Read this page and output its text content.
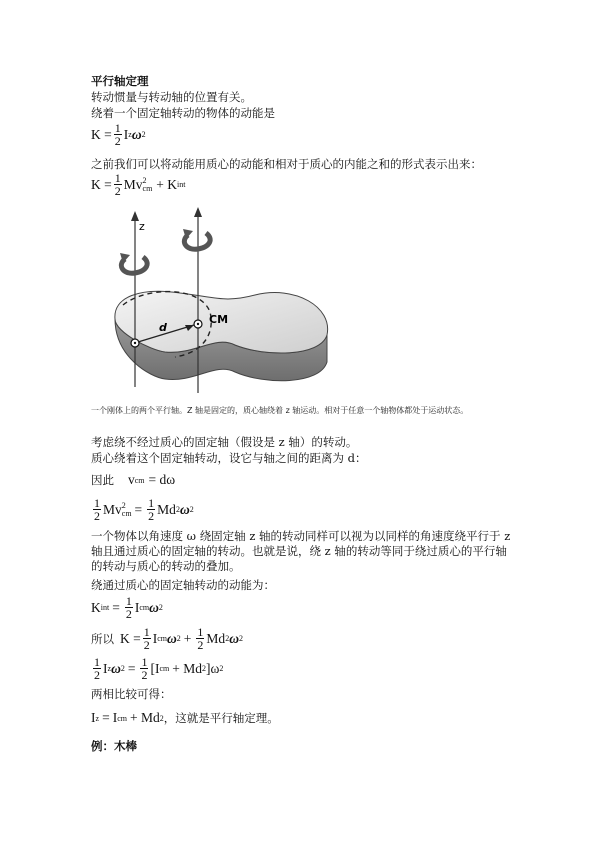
平行轴定理
转动惯量与转动轴的位置有关。
绕着一个固定轴转动的物体的动能是
$K = \frac{1}{2}$ I z ω 2
之前我们可以将动能用质心的动能和相对于质心的内能之和的形式表示出来：
$K = \frac{1}{2}$ Mv 2
cm + K int
z
d
CM
一个刚体上的两个平行轴。Z 轴是固定的，质心轴绕着 z 轴运动。相对于任意一个轴物体都处于运动状态。
考虑绕不经过质心的固定轴（假设是 z 轴）的转动。
质心绕着这个固定轴转动，设它与轴之间的距离为 d：
因此 v cm = dω
$\frac{1}{2}$ Mv 2
cm = $\frac{1}{2}$ Md 2 ω 2
一个物体以角速度 ω 绕固定轴 z 轴的转动同样可以视为以同样的角速度绕平行于 z 轴且通过质心的固定轴的转动。也就是说，绕 z 轴的转动等同于绕过质心的平行轴的转动与质心的转动的叠加。
绕通过质心的固定轴转动的动能为：
K int = $\frac{1}{2}$ I cm ω 2
所以 $K = \frac{1}{2}$ I cm ω $2 + \frac{1}{2}$ Md 2 ω 2
$\frac{1}{2}$ I z ω $2 = \frac{1}{2} [I$ cm + Md 2 ]ω 2
两相比较可得：
I z = I cm + Md 2 ，这就是平行轴定理。
例：木棒
